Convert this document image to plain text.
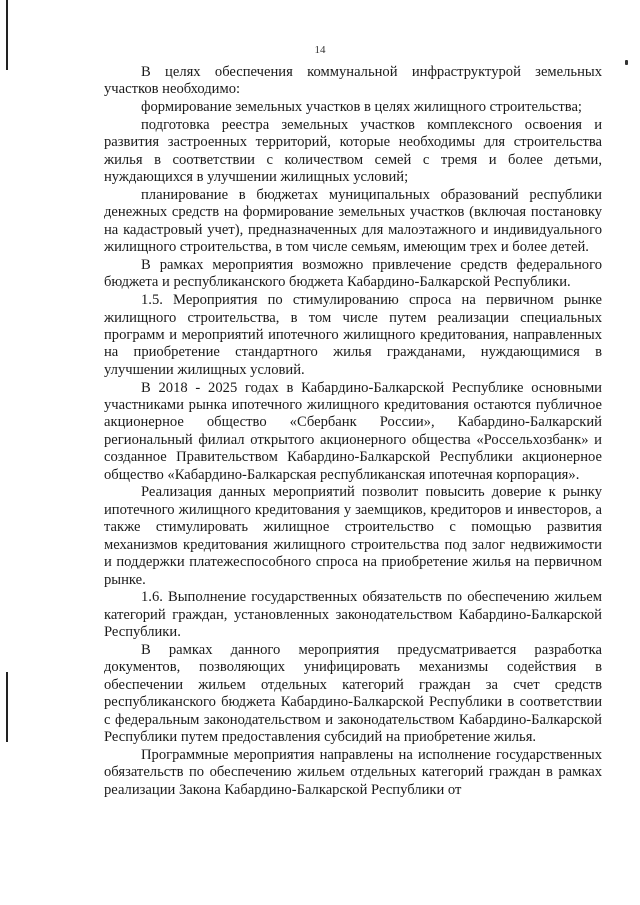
14

В целях обеспечения коммунальной инфраструктурой земельных участков необходимо:

формирование земельных участков в целях жилищного строительства;

подготовка реестра земельных участков комплексного освоения и развития застроенных территорий, которые необходимы для строительства жилья в соответствии с количеством семей с тремя и более детьми, нуждающихся в улучшении жилищных условий;

планирование в бюджетах муниципальных образований республики денежных средств на формирование земельных участков (включая постановку на кадастровый учет), предназначенных для малоэтажного и индивидуального жилищного строительства, в том числе семьям, имеющим трех и более детей.

В рамках мероприятия возможно привлечение средств федерального бюджета и республиканского бюджета Кабардино-Балкарской Республики.

1.5. Мероприятия по стимулированию спроса на первичном рынке жилищного строительства, в том числе путем реализации специальных программ и мероприятий ипотечного жилищного кредитования, направленных на приобретение стандартного жилья гражданами, нуждающимися в улучшении жилищных условий.

В 2018 - 2025 годах в Кабардино-Балкарской Республике основными участниками рынка ипотечного жилищного кредитования остаются публичное акционерное общество «Сбербанк России», Кабардино-Балкарский региональный филиал открытого акционерного общества «Россельхозбанк» и созданное Правительством Кабардино-Балкарской Республики акционерное общество «Кабардино-Балкарская республиканская ипотечная корпорация».

Реализация данных мероприятий позволит повысить доверие к рынку ипотечного жилищного кредитования у заемщиков, кредиторов и инвесторов, а также стимулировать жилищное строительство с помощью развития механизмов кредитования жилищного строительства под залог недвижимости и поддержки платежеспособного спроса на приобретение жилья на первичном рынке.

1.6. Выполнение государственных обязательств по обеспечению жильем категорий граждан, установленных законодательством Кабардино-Балкарской Республики.

В рамках данного мероприятия предусматривается разработка документов, позволяющих унифицировать механизмы содействия в обеспечении жильем отдельных категорий граждан за счет средств республиканского бюджета Кабардино-Балкарской Республики в соответствии с федеральным законодательством и законодательством Кабардино-Балкарской Республики путем предоставления субсидий на приобретение жилья.

Программные мероприятия направлены на исполнение государственных обязательств по обеспечению жильем отдельных категорий граждан в рамках реализации Закона Кабардино-Балкарской Республики от
